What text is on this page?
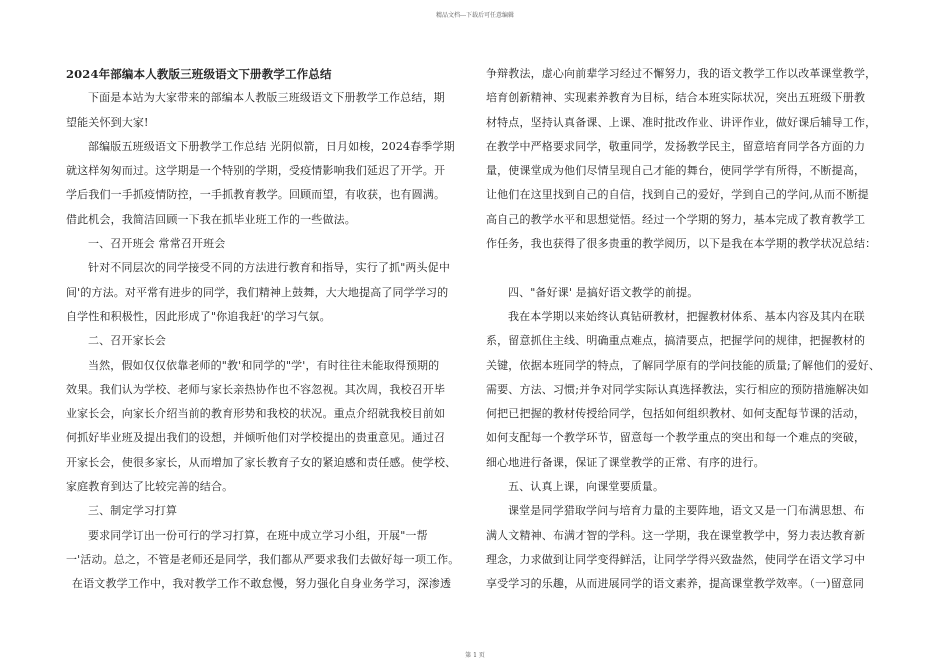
精品文档---下载后可任意编辑
2024年部编本人教版三班级语文下册教学工作总结
下面是本站为大家带来的部编本人教版三班级语文下册教学工作总结，期
望能关怀到大家!
部编版五班级语文下册教学工作总结 光阴似箭，日月如梭，2024春季学期
就这样匆匆而过。这学期是一个特别的学期，受疫情影响我们延迟了开学。开
学后我们一手抓疫情防控，一手抓教育教学。回顾而望，有收获，也有圆满。
借此机会，我简洁回顾一下我在抓毕业班工作的一些做法。
一、召开班会 常常召开班会
针对不同层次的同学接受不同的方法进行教育和指导，实行了抓"两头促中
间'的方法。对平常有进步的同学，我们精神上鼓舞，大大地提高了同学学习的
自学性和积极性，因此形成了"你追我赶'的学习气氛。
二、召开家长会
当然，假如仅仅依靠老师的"教'和同学的"学'，有时往往未能取得预期的
效果。我们认为学校、老师与家长亲热协作也不容忽视。其次周，我校召开毕
业家长会，向家长介绍当前的教育形势和我校的状况。重点介绍就我校目前如
何抓好毕业班及提出我们的设想，并倾听他们对学校提出的贵重意见。通过召
开家长会，使很多家长，从而增加了家长教育子女的紧迫感和责任感。使学校、
家庭教育到达了比较完善的结合。
三、制定学习打算
要求同学订出一份可行的学习打算，在班中成立学习小组，开展"一帮
一'活动。总之，不管是老师还是同学，我们都从严要求我们去做好每一项工作。
在语文教学工作中，我对教学工作不敢怠慢，努力强化自身业务学习，深渗透
争辩教法，虚心向前辈学习经过不懈努力，我的语文教学工作以改革课堂教学，
培育创新精神、实现素养教育为目标，结合本班实际状况，突出五班级下册教
材特点，坚持认真备课、上课、准时批改作业、讲评作业，做好课后辅导工作，
在教学中严格要求同学，敬重同学，发扬教学民主，留意培育同学各方面的力
量，使课堂成为他们尽情呈现自己才能的舞台，使同学学有所得，不断提高，
让他们在这里找到自己的自信，找到自己的爱好，学到自己的学问,从而不断提
高自己的教学水平和思想觉悟。经过一个学期的努力，基本完成了教育教学工
作任务，我也获得了很多贵重的教学阅历，以下是我在本学期的教学状况总结：
四、"备好课' 是搞好语文教学的前提。
我在本学期以来始终认真钻研教材，把握教材体系、基本内容及其内在联
系，留意抓住主线、明确重点难点，搞清要点，把握学问的规律，把握教材的
关键，依据本班同学的特点，了解同学原有的学问技能的质量;了解他们的爱好、
需要、方法、习惯;并争对同学实际认真选择教法，实行相应的预防措施解决如
何把已把握的教材传授给同学，包括如何组织教材、如何支配每节课的活动，
如何支配每一个教学环节，留意每一个教学重点的突出和每一个难点的突破，
细心地进行备课，保证了课堂教学的正常、有序的进行。
五、认真上课，向课堂要质量。
课堂是同学猎取学问与培育力量的主要阵地，语文又是一门布满思想、布
满人文精神、布满才智的学科。这一学期，我在课堂教学中，努力表达教育新
理念，力求做到让同学变得鲜活，让同学学得兴致盎然，使同学在语文学习中
享受学习的乐趣，从而进展同学的语文素养，提高课堂教学效率。（一)留意同
第 1 页
